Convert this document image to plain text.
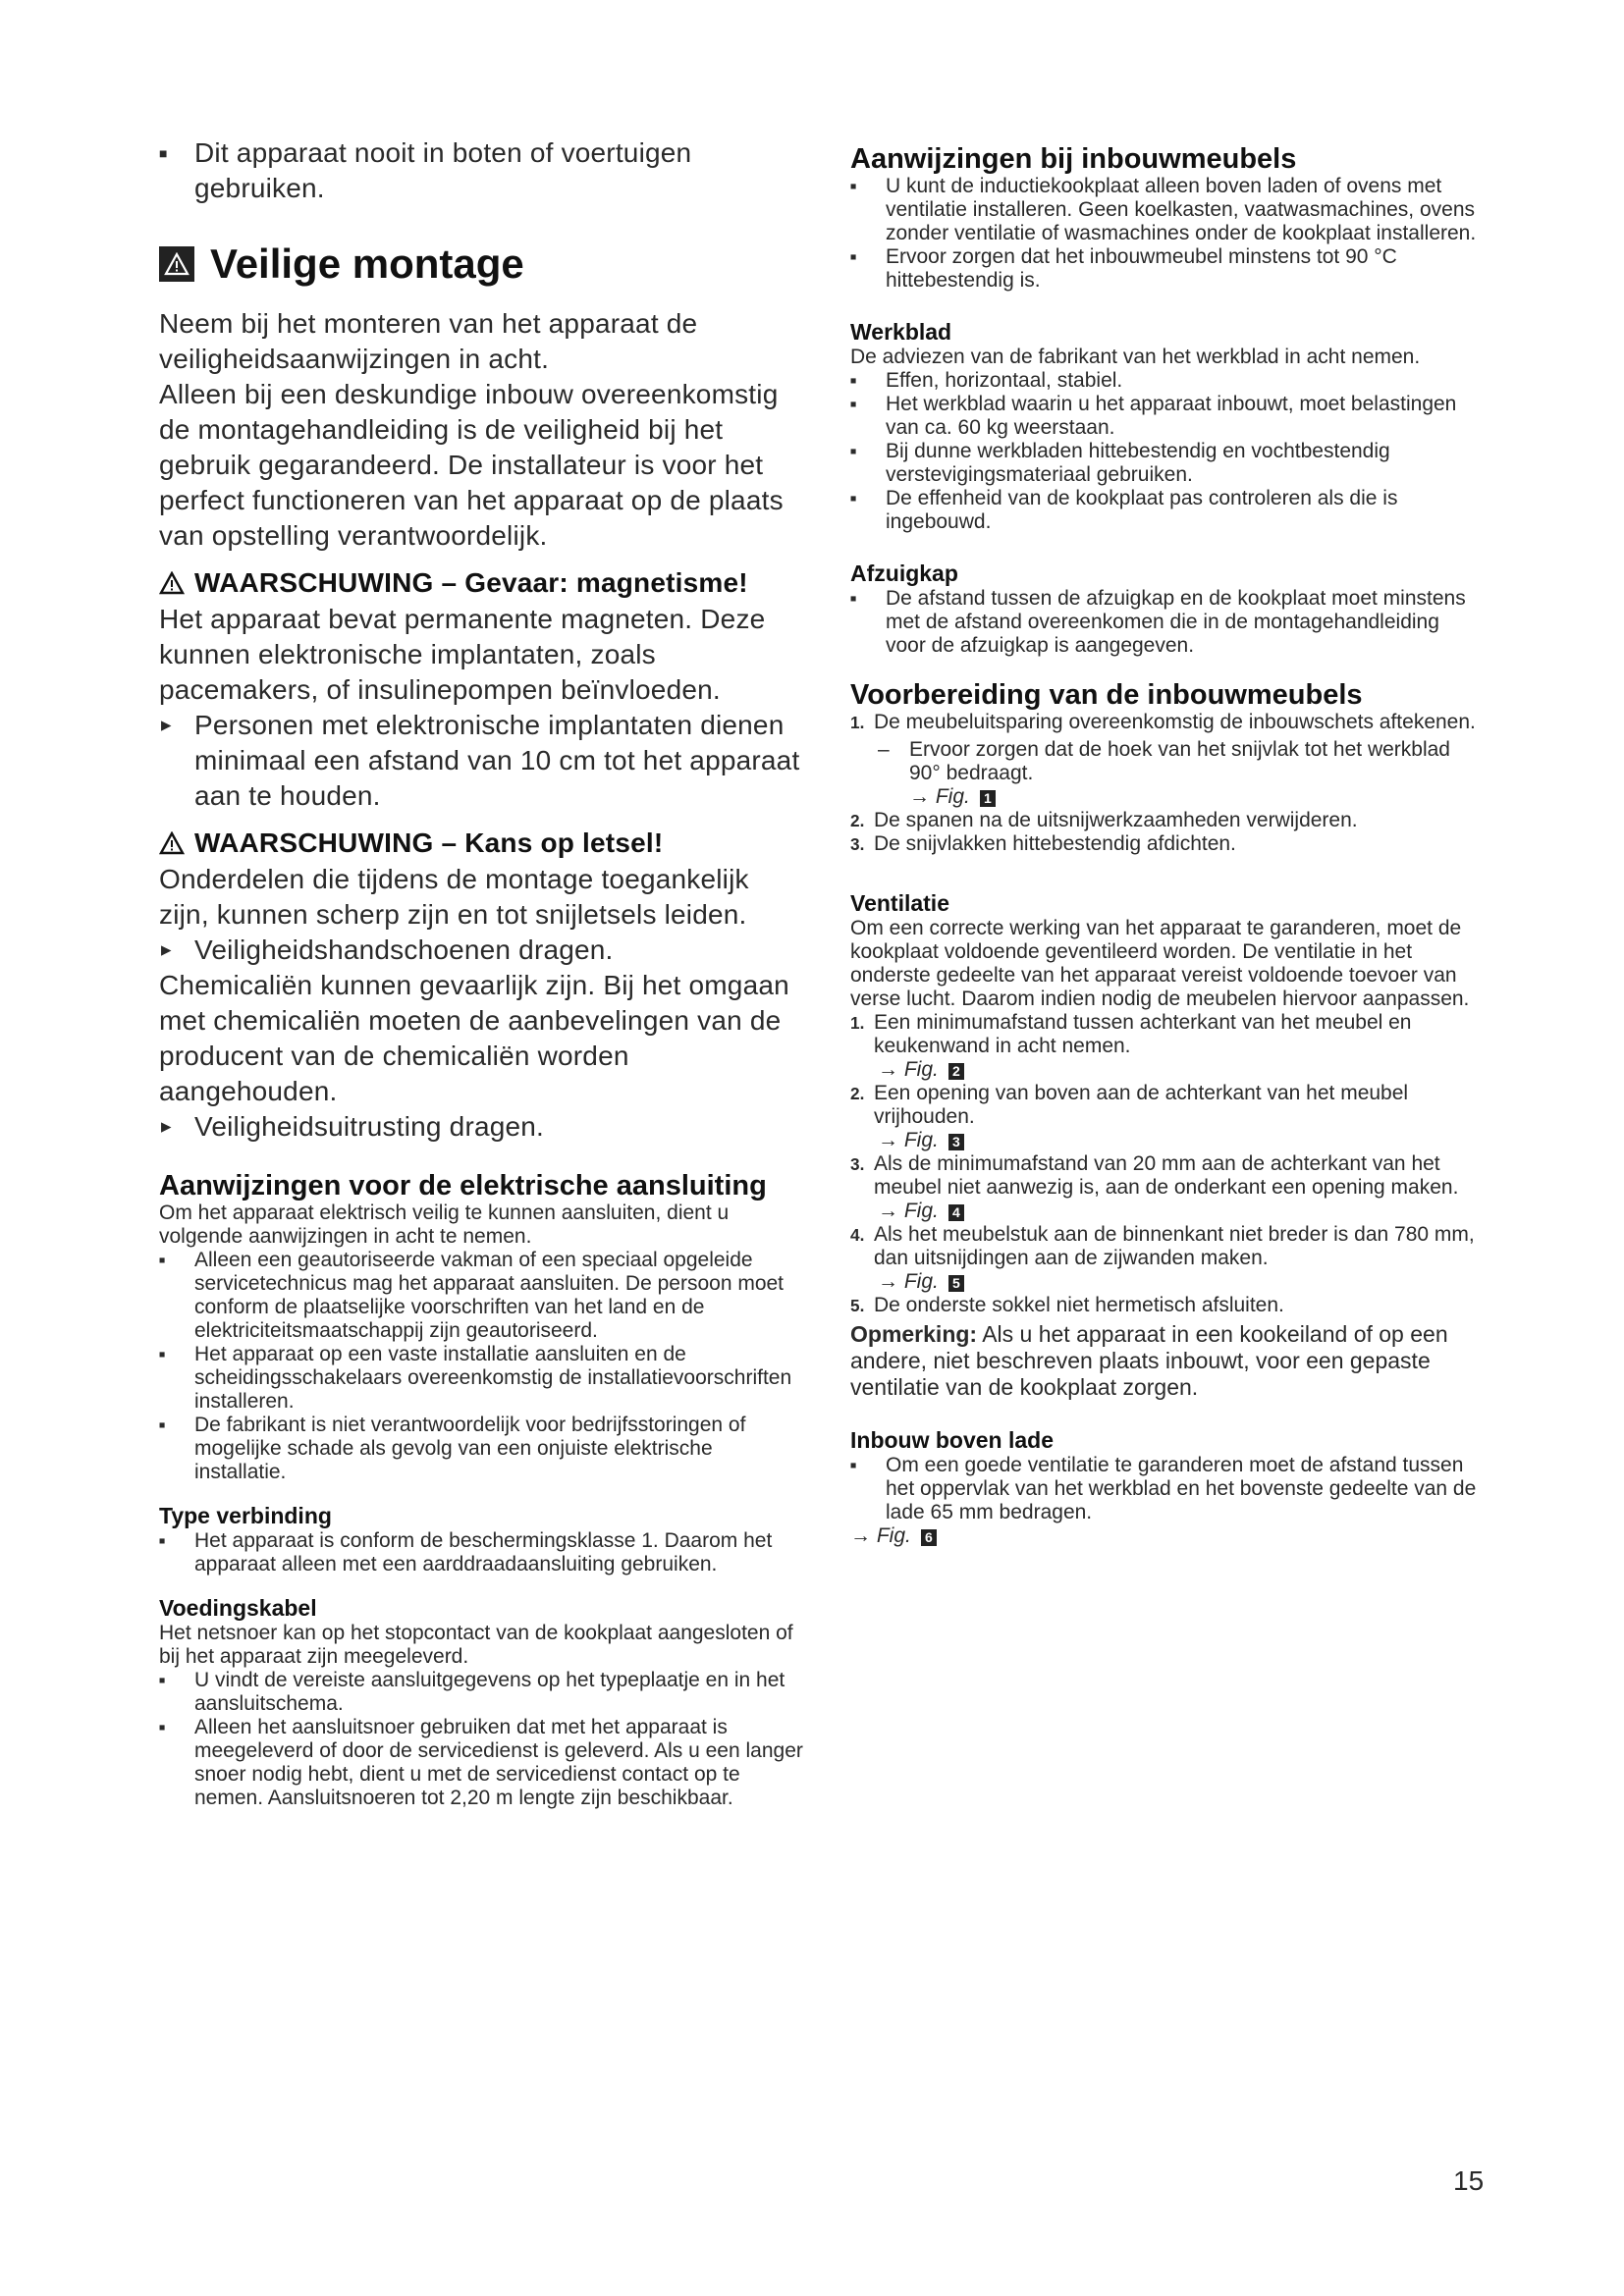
■ Dit apparaat nooit in boten of voertuigen gebruiken.
Veilige montage
Neem bij het monteren van het apparaat de veiligheidsaanwijzingen in acht.
Alleen bij een deskundige inbouw overeenkomstig de montagehandleiding is de veiligheid bij het gebruik gegarandeerd. De installateur is voor het perfect functioneren van het apparaat op de plaats van opstelling verantwoordelijk.
WAARSCHUWING – Gevaar: magnetisme!
Het apparaat bevat permanente magneten. Deze kunnen elektronische implantaten, zoals pacemakers, of insulinepompen beïnvloeden.
▸ Personen met elektronische implantaten dienen minimaal een afstand van 10 cm tot het apparaat aan te houden.
WAARSCHUWING – Kans op letsel!
Onderdelen die tijdens de montage toegankelijk zijn, kunnen scherp zijn en tot snijletsels leiden.
▸ Veiligheidshandschoenen dragen.
Chemicaliën kunnen gevaarlijk zijn. Bij het omgaan met chemicaliën moeten de aanbevelingen van de producent van de chemicaliën worden aangehouden.
▸ Veiligheidsuitrusting dragen.
Aanwijzingen voor de elektrische aansluiting
Om het apparaat elektrisch veilig te kunnen aansluiten, dient u volgende aanwijzingen in acht te nemen.
■ Alleen een geautoriseerde vakman of een speciaal opgeleide servicetechnicus mag het apparaat aansluiten. De persoon moet conform de plaatselijke voorschriften van het land en de elektriciteitsmaatschappij zijn geautoriseerd.
■ Het apparaat op een vaste installatie aansluiten en de scheidingsschakelaars overeenkomstig de installatievoorschriften installeren.
■ De fabrikant is niet verantwoordelijk voor bedrijfsstoringen of mogelijke schade als gevolg van een onjuiste elektrische installatie.
Type verbinding
■ Het apparaat is conform de beschermingsklasse 1. Daarom het apparaat alleen met een aarddraadaansluiting gebruiken.
Voedingskabel
Het netsnoer kan op het stopcontact van de kookplaat aangesloten of bij het apparaat zijn meegeleverd.
■ U vindt de vereiste aansluitgegevens op het typeplaatje en in het aansluitschema.
■ Alleen het aansluitsnoer gebruiken dat met het apparaat is meegeleverd of door de servicedienst is geleverd. Als u een langer snoer nodig hebt, dient u met de servicedienst contact op te nemen. Aansluitsnoeren tot 2,20 m lengte zijn beschikbaar.
Aanwijzingen bij inbouwmeubels
■ U kunt de inductiekookplaat alleen boven laden of ovens met ventilatie installeren. Geen koelkasten, vaatwasmachines, ovens zonder ventilatie of wasmachines onder de kookplaat installeren.
■ Ervoor zorgen dat het inbouwmeubel minstens tot 90 °C hittebestendig is.
Werkblad
De adviezen van de fabrikant van het werkblad in acht nemen.
■ Effen, horizontaal, stabiel.
■ Het werkblad waarin u het apparaat inbouwt, moet belastingen van ca. 60 kg weerstaan.
■ Bij dunne werkbladen hittebestendig en vochtbestendig verstevigingsmateriaal gebruiken.
■ De effenheid van de kookplaat pas controleren als die is ingebouwd.
Afzuigkap
■ De afstand tussen de afzuigkap en de kookplaat moet minstens met de afstand overeenkomen die in de montagehandleiding voor de afzuigkap is aangegeven.
Voorbereiding van de inbouwmeubels
1. De meubeluitsparing overeenkomstig de inbouwschets aftekenen.
– Ervoor zorgen dat de hoek van het snijvlak tot het werkblad 90° bedraagt.
→ Fig. 1
2. De spanen na de uitsnijwerkzaamheden verwijderen.
3. De snijvlakken hittebestendig afdichten.
Ventilatie
Om een correcte werking van het apparaat te garanderen, moet de kookplaat voldoende geventileerd worden. De ventilatie in het onderste gedeelte van het apparaat vereist voldoende toevoer van verse lucht. Daarom indien nodig de meubelen hiervoor aanpassen.
1. Een minimumafstand tussen achterkant van het meubel en keukenwand in acht nemen.
→ Fig. 2
2. Een opening van boven aan de achterkant van het meubel vrijhouden.
→ Fig. 3
3. Als de minimumafstand van 20 mm aan de achterkant van het meubel niet aanwezig is, aan de onderkant een opening maken.
→ Fig. 4
4. Als het meubelstuk aan de binnenkant niet breder is dan 780 mm, dan uitsnijdingen aan de zijwanden maken.
→ Fig. 5
5. De onderste sokkel niet hermetisch afsluiten.
Opmerking: Als u het apparaat in een kookeiland of op een andere, niet beschreven plaats inbouwt, voor een gepaste ventilatie van de kookplaat zorgen.
Inbouw boven lade
■ Om een goede ventilatie te garanderen moet de afstand tussen het oppervlak van het werkblad en het bovenste gedeelte van de lade 65 mm bedragen.
→ Fig. 6
15
